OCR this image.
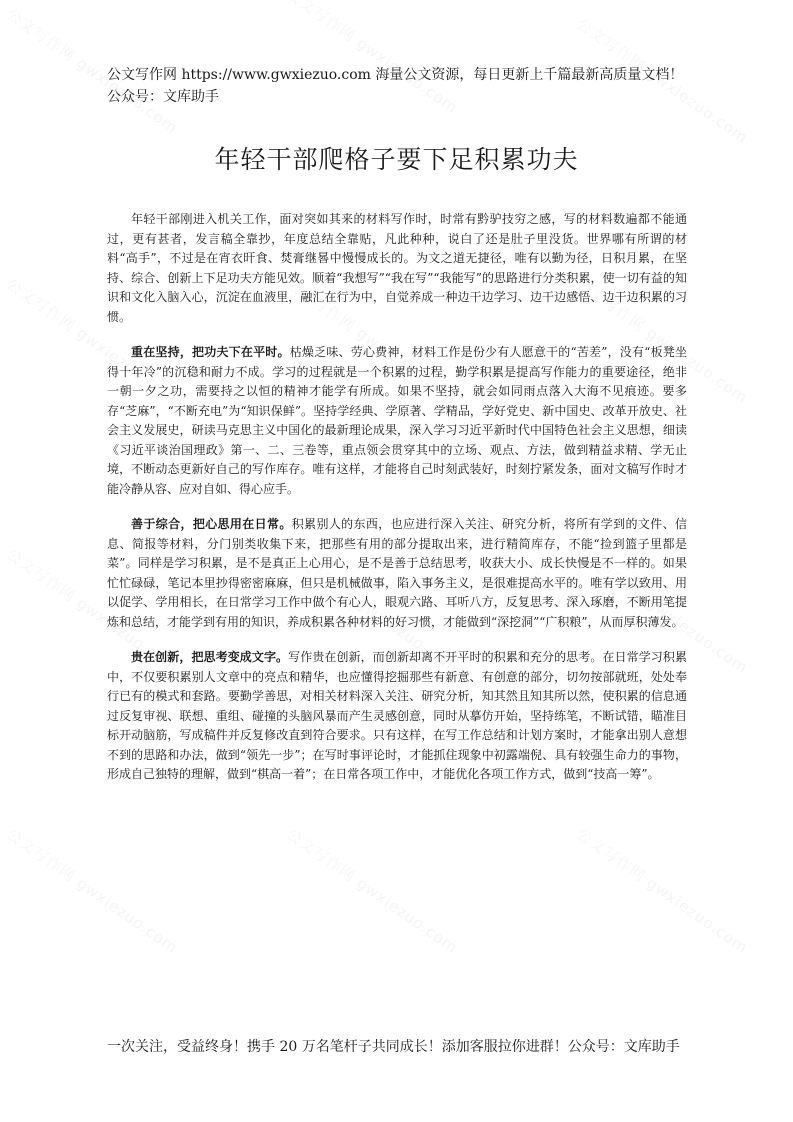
公文写作网 https://www.gwxiezuo.com 海量公文资源，每日更新上千篇最新高质量文档！ 公众号：文库助手
年轻干部爬格子要下足积累功夫

年轻干部刚进入机关工作，面对突如其来的材料写作时，时常有黔驴技穷之感，写的材料数遍都不能通过，更有甚者，发言稿全靠抄，年度总结全靠贴，凡此种种，说白了还是肚子里没货。世界哪有所谓的材料“高手”，不过是在宵衣旰食、焚膏继晷中慢慢成长的。为文之道无捷径，唯有以勤为径，日积月累，在坚持、综合、创新上下足功夫方能见效。顺着“我想写”“我在写”“我能写”的思路进行分类积累，使一切有益的知识和文化入脑入心，沉淀在血液里，融汇在行为中，自觉养成一种边干边学习、边干边感悟、边干边积累的习惯。

重在坚持，把功夫下在平时。枯燥乏味、劳心费神，材料工作是份少有人愿意干的“苦差”，没有“板凳坐得十年冷”的沉稳和耐力不成。学习的过程就是一个积累的过程，勤学积累是提高写作能力的重要途径，绝非一朝一夕之功，需要持之以恒的精神才能学有所成。如果不坚持，就会如同雨点落入大海不见痕迹。要多存“芝麻”，“不断充电”为“知识保鲜”。坚持学经典、学原著、学精品，学好党史、新中国史、改革开放史、社会主义发展史，研读马克思主义中国化的最新理论成果，深入学习习近平新时代中国特色社会主义思想，细读《习近平谈治国理政》第一、二、三卷等，重点领会贯穿其中的立场、观点、方法，做到精益求精、学无止境，不断动态更新好自己的写作库存。唯有这样，才能将自己时刻武装好，时刻拧紧发条，面对文稿写作时才能冷静从容、应对自如、得心应手。

善于综合，把心思用在日常。积累别人的东西，也应进行深入关注、研究分析，将所有学到的文件、信息、简报等材料，分门别类收集下来，把那些有用的部分提取出来，进行精简库存，不能“捡到篮子里都是菜”。同样是学习积累，是不是真正上心用心，是不是善于总结思考，收获大小、成长快慢是不一样的。如果忙忙碌碌，笔记本里抄得密密麻麻，但只是机械做事，陷入事务主义，是很难提高水平的。唯有学以致用、用以促学、学用相长，在日常学习工作中做个有心人，眼观六路、耳听八方，反复思考、深入琢磨，不断用笔提炼和总结，才能学到有用的知识，养成积累各种材料的好习惯，才能做到“深挖洞”“广积粮”，从而厚积薄发。

贵在创新，把思考变成文字。写作贵在创新，而创新却离不开平时的积累和充分的思考。在日常学习积累中，不仅要积累别人文章中的亮点和精华，也应懂得挖掘那些有新意、有创意的部分，切勿按部就班，处处奉行已有的模式和套路。要勤学善思，对相关材料深入关注、研究分析，知其然且知其所以然，使积累的信息通过反复审视、联想、重组、碰撞的头脑风暴而产生灵感创意，同时从摹仿开始，坚持练笔，不断试错，瞄准目标开动脑筋，写成稿件并反复修改直到符合要求。只有这样，在写工作总结和计划方案时，才能拿出别人意想不到的思路和办法，做到“领先一步”；在写时事评论时，才能抓住现象中初露端倪、具有较强生命力的事物，形成自己独特的理解，做到“棋高一着”；在日常各项工作中，才能优化各项工作方式，做到“技高一筹”。

一次关注，受益终身！携手 20 万名笔杆子共同成长！添加客服拉你进群！公众号：文库助手
